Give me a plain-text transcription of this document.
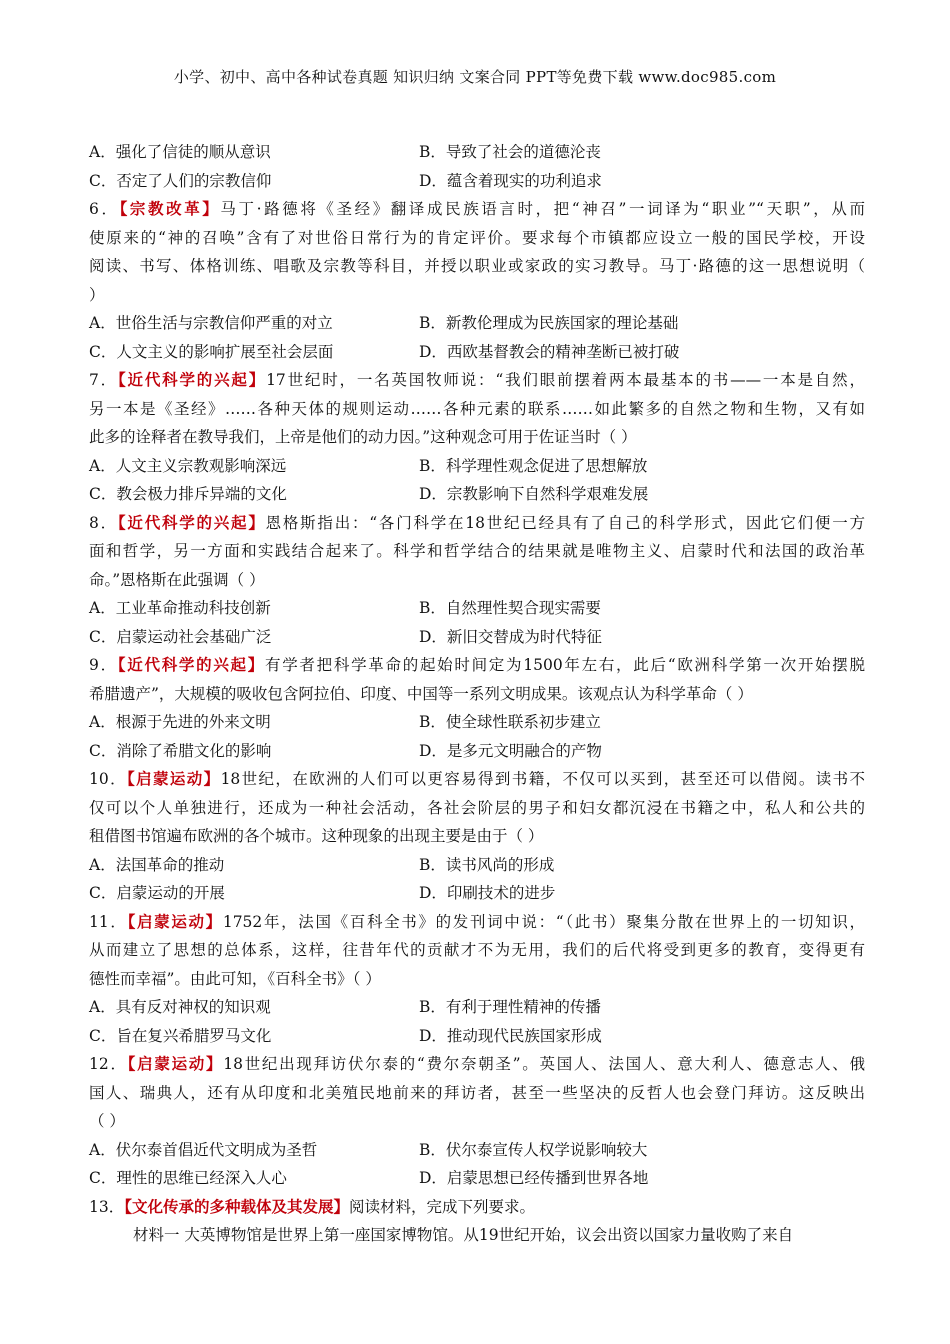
小学、初中、高中各种试卷真题 知识归纳 文案合同 PPT等免费下载 www.doc985.com
A．强化了信徒的顺从意识	B．导致了社会的道德沦丧
C．否定了人们的宗教信仰	D．蕴含着现实的功利追求
6．【宗教改革】马丁·路德将《圣经》翻译成民族语言时，把“神召”一词译为“职业”“天职”，从而
使原来的“神的召唤”含有了对世俗日常行为的肯定评价。要求每个市镇都应设立一般的国民学校，开设
阅读、书写、体格训练、唱歌及宗教等科目，并授以职业或家政的实习教导。马丁·路德的这一思想说明（
）
A．世俗生活与宗教信仰严重的对立	B．新教伦理成为民族国家的理论基础
C．人文主义的影响扩展至社会层面	D．西欧基督教会的精神垄断已被打破
7．【近代科学的兴起】17世纪时，一名英国牧师说：“我们眼前摆着两本最基本的书——一本是自然，
另一本是《圣经》……各种天体的规则运动……各种元素的联系……如此繁多的自然之物和生物，又有如
此多的诠释者在教导我们，上帝是他们的动力因。”这种观念可用于佐证当时（ ）
A．人文主义宗教观影响深远	B．科学理性观念促进了思想解放
C．教会极力排斥异端的文化	D．宗教影响下自然科学艰难发展
8．【近代科学的兴起】恩格斯指出：“各门科学在18世纪已经具有了自己的科学形式，因此它们便一方
面和哲学，另一方面和实践结合起来了。科学和哲学结合的结果就是唯物主义、启蒙时代和法国的政治革
命。”恩格斯在此强调（ ）
A．工业革命推动科技创新	B．自然理性契合现实需要
C．启蒙运动社会基础广泛	D．新旧交替成为时代特征
9．【近代科学的兴起】有学者把科学革命的起始时间定为1500年左右，此后“欧洲科学第一次开始摆脱
希腊遗产”，大规模的吸收包含阿拉伯、印度、中国等一系列文明成果。该观点认为科学革命（ ）
A．根源于先进的外来文明	B．使全球性联系初步建立
C．消除了希腊文化的影响	D．是多元文明融合的产物
10．【启蒙运动】18世纪，在欧洲的人们可以更容易得到书籍，不仅可以买到，甚至还可以借阅。读书不
仅可以个人单独进行，还成为一种社会活动，各社会阶层的男子和妇女都沉浸在书籍之中，私人和公共的
租借图书馆遍布欧洲的各个城市。这种现象的出现主要是由于（ ）
A．法国革命的推动	B．读书风尚的形成
C．启蒙运动的开展	D．印刷技术的进步
11．【启蒙运动】1752年，法国《百科全书》的发刊词中说：“（此书）聚集分散在世界上的一切知识，
从而建立了思想的总体系，这样，往昔年代的贡献才不为无用，我们的后代将受到更多的教育，变得更有
德性而幸福”。由此可知，《百科全书》（ ）
A．具有反对神权的知识观	B．有利于理性精神的传播
C．旨在复兴希腊罗马文化	D．推动现代民族国家形成
12．【启蒙运动】18世纪出现拜访伏尔泰的“费尔奈朝圣”。英国人、法国人、意大利人、德意志人、俄
国人、瑞典人，还有从印度和北美殖民地前来的拜访者，甚至一些坚决的反哲人也会登门拜访。这反映出
（ ）
A．伏尔泰首倡近代文明成为圣哲	B．伏尔泰宣传人权学说影响较大
C．理性的思维已经深入人心	D．启蒙思想已经传播到世界各地
13．【文化传承的多种载体及其发展】阅读材料，完成下列要求。
材料一 大英博物馆是世界上第一座国家博物馆。从19世纪开始，议会出资以国家力量收购了来自
